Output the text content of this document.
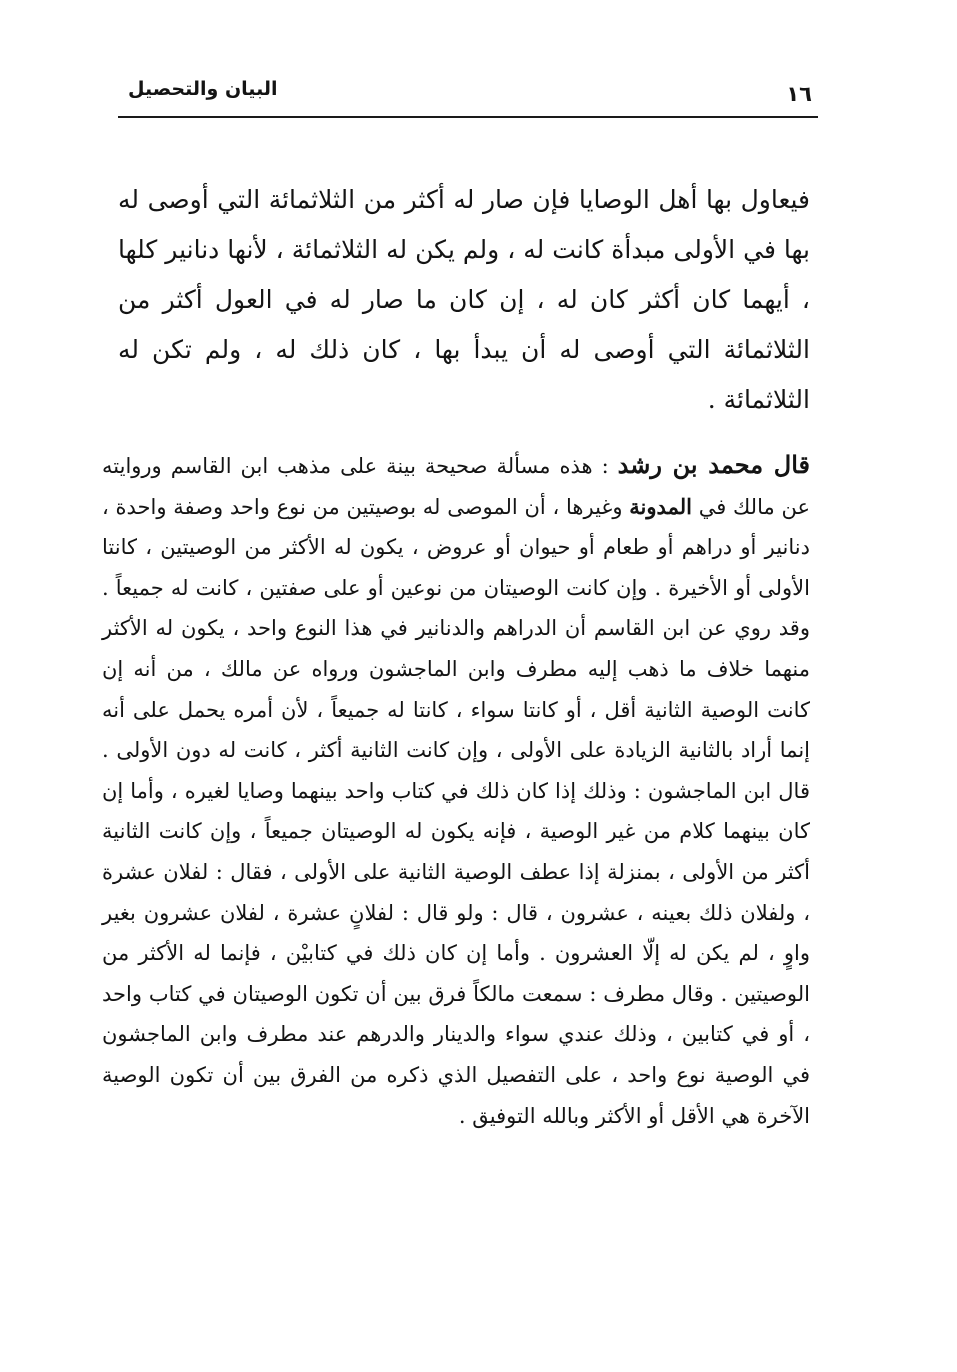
البيان والتحصيل	١٦

فيعاول بها أهل الوصايا فإن صار له أكثر من الثلاثمائة التي أوصى له بها في الأولى مبدأة كانت له ، ولم يكن له الثلاثمائة ، لأنها دنانير كلها ، أيهما كان أكثر كان له ، إن كان ما صار له في العول أكثر من الثلاثمائة التي أوصى له أن يبدأ بها ، كان ذلك له ، ولم تكن له الثلاثمائة .

قال محمد بن رشد : هذه مسألة صحيحة بينة على مذهب ابن القاسم وروايته عن مالك في المدونة وغيرها ، أن الموصى له بوصيتين من نوع واحد وصفة واحدة ، دنانير أو دراهم أو طعام أو حيوان أو عروض ، يكون له الأكثر من الوصيتين ، كانتا الأولى أو الأخيرة . وإن كانت الوصيتان من نوعين أو على صفتين ، كانت له جميعاً . وقد روي عن ابن القاسم أن الدراهم والدنانير في هذا النوع واحد ، يكون له الأكثر منهما خلاف ما ذهب إليه مطرف وابن الماجشون ورواه عن مالك ، من أنه إن كانت الوصية الثانية أقل ، أو كانتا سواء ، كانتا له جميعاً ، لأن أمره يحمل على أنه إنما أراد بالثانية الزيادة على الأولى ، وإن كانت الثانية أكثر ، كانت له دون الأولى . قال ابن الماجشون : وذلك إذا كان ذلك في كتاب واحد بينهما وصايا لغيره ، وأما إن كان بينهما كلام من غير الوصية ، فإنه يكون له الوصيتان جميعاً ، وإن كانت الثانية أكثر من الأولى ، بمنزلة إذا عطف الوصية الثانية على الأولى ، فقال : لفلان عشرة ، ولفلان ذلك بعينه ، عشرون ، قال : ولو قال : لفلانٍ عشرة ، لفلان عشرون بغير واوٍ ، لم يكن له إلّا العشرون . وأما إن كان ذلك في كتابيْن ، فإنما له الأكثر من الوصيتين . وقال مطرف : سمعت مالكاً فرق بين أن تكون الوصيتان في كتاب واحد ، أو في كتابين ، وذلك عندي سواء والدينار والدرهم عند مطرف وابن الماجشون في الوصية نوع واحد ، على التفصيل الذي ذكره من الفرق بين أن تكون الوصية الآخرة هي الأقل أو الأكثر وبالله التوفيق .
